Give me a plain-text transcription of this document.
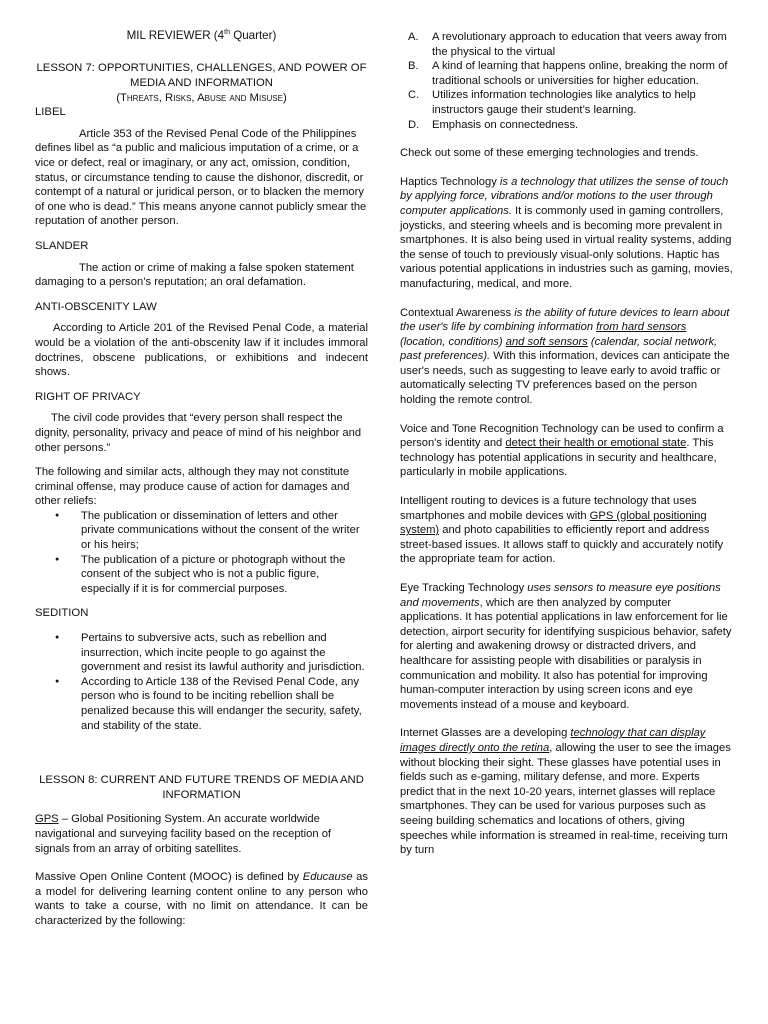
MIL REVIEWER (4th Quarter)

LESSON 7: OPPORTUNITIES, CHALLENGES, AND POWER OF MEDIA AND INFORMATION

(Threats, Risks, Abuse and Misuse)

LIBEL

Article 353 of the Revised Penal Code of the Philippines defines libel as “a public and malicious imputation of a crime, or a vice or defect, real or imaginary, or any act, omission, condition, status, or circumstance tending to cause the dishonor, discredit, or contempt of a natural or juridical person, or to blacken the memory of one who is dead.” This means anyone cannot publicly smear the reputation of another person.

SLANDER

The action or crime of making a false spoken statement damaging to a person’s reputation; an oral defamation.

ANTI-OBSCENITY LAW

According to Article 201 of the Revised Penal Code, a material would be a violation of the anti-obscenity law if it includes immoral doctrines, obscene publications, or exhibitions and indecent shows.

RIGHT OF PRIVACY

The civil code provides that “every person shall respect the dignity, personality, privacy and peace of mind of his neighbor and other persons.”

The following and similar acts, although they may not constitute criminal offense, may produce cause of action for damages and other reliefs:

● The publication or dissemination of letters and other private communications without the consent of the writer or his heirs;
● The publication of a picture or photograph without the consent of the subject who is not a public figure, especially if it is for commercial purposes.

SEDITION

● Pertains to subversive acts, such as rebellion and insurrection, which incite people to go against the government and resist its lawful authority and jurisdiction.
● According to Article 138 of the Revised Penal Code, any person who is found to be inciting rebellion shall be penalized because this will endanger the security, safety, and stability of the state.

LESSON 8: CURRENT AND FUTURE TRENDS OF MEDIA AND INFORMATION

GPS – Global Positioning System. An accurate worldwide navigational and surveying facility based on the reception of signals from an array of orbiting satellites.

Massive Open Online Content (MOOC) is defined by Educause as a model for delivering learning content online to any person who wants to take a course, with no limit on attendance. It can be characterized by the following:

A. A revolutionary approach to education that veers away from the physical to the virtual
B. A kind of learning that happens online, breaking the norm of traditional schools or universities for higher education.
C. Utilizes information technologies like analytics to help instructors gauge their student’s learning.
D. Emphasis on connectedness.

Check out some of these emerging technologies and trends.

Haptics Technology is a technology that utilizes the sense of touch by applying force, vibrations and/or motions to the user through computer applications. It is commonly used in gaming controllers, joysticks, and steering wheels and is becoming more prevalent in smartphones. It is also being used in virtual reality systems, adding the sense of touch to previously visual-only solutions. Haptic has various potential applications in industries such as gaming, movies, manufacturing, medical, and more.

Contextual Awareness is the ability of future devices to learn about the user's life by combining information from hard sensors (location, conditions) and soft sensors (calendar, social network, past preferences). With this information, devices can anticipate the user's needs, such as suggesting to leave early to avoid traffic or automatically selecting TV preferences based on the person holding the remote control.

Voice and Tone Recognition Technology can be used to confirm a person's identity and detect their health or emotional state. This technology has potential applications in security and healthcare, particularly in mobile applications.

Intelligent routing to devices is a future technology that uses smartphones and mobile devices with GPS (global positioning system) and photo capabilities to efficiently report and address street-based issues. It allows staff to quickly and accurately notify the appropriate team for action.

Eye Tracking Technology uses sensors to measure eye positions and movements, which are then analyzed by computer applications. It has potential applications in law enforcement for lie detection, airport security for identifying suspicious behavior, safety for alerting and awakening drowsy or distracted drivers, and healthcare for assisting people with disabilities or paralysis in communication and mobility. It also has potential for improving human-computer interaction by using screen icons and eye movements instead of a mouse and keyboard.

Internet Glasses are a developing technology that can display images directly onto the retina, allowing the user to see the images without blocking their sight. These glasses have potential uses in fields such as e-gaming, military defense, and more. Experts predict that in the next 10-20 years, internet glasses will replace smartphones. They can be used for various purposes such as seeing building schematics and locations of others, giving speeches while information is streamed in real-time, receiving turn by turn
